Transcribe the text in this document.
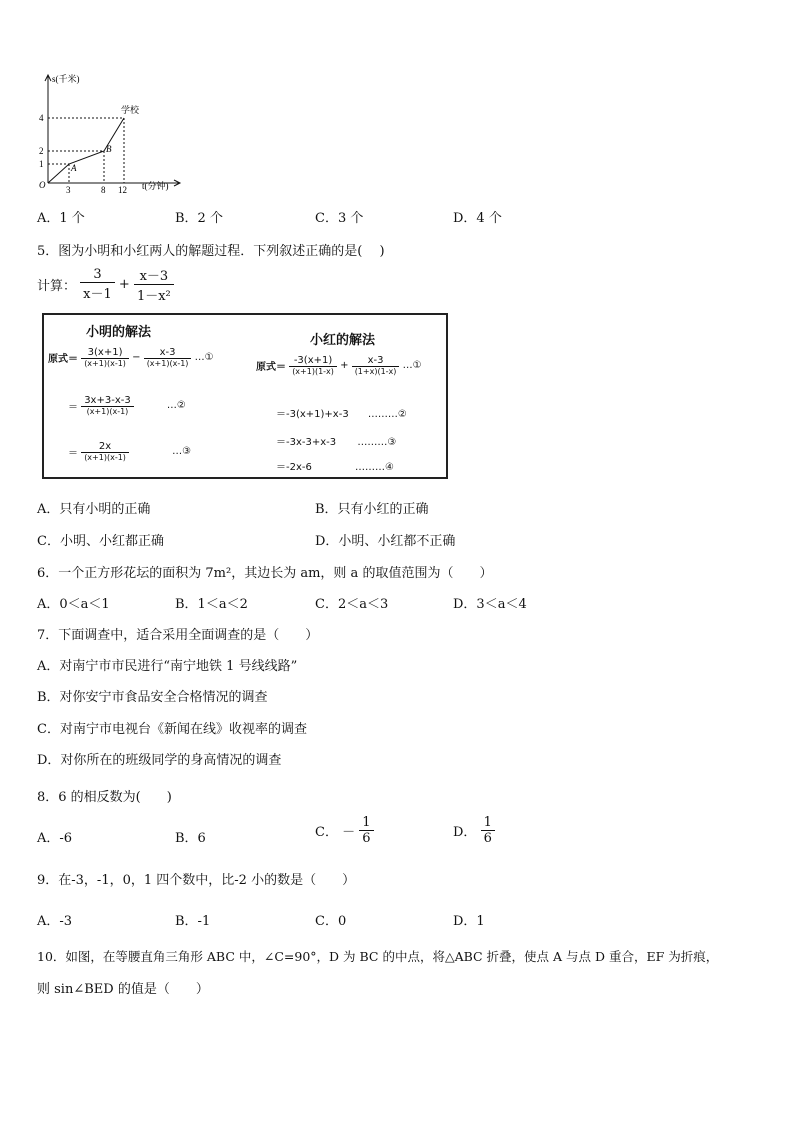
s(千米)
4
2
1
O 3	8 12 t(分钟)
A
B
学校
A．1 个	B．2 个	C．3 个	D．4 个
5．图为小明和小红两人的解题过程．下列叙述正确的是(　 )
计算： $\frac{3}{x-1} + \frac{x-3}{\text{1－x²}}$
小明的解法
原式＝ $\frac{3(x+1)}{(x+1)(x-1)} - \frac{x-3}{(x+1)(x-1)}$ …①
＝ $\frac{3x+3-x-3}{(x+1)(x-1)}$	…②
＝ $\frac{2x}{(x+1)(x-1)}$	…③
小红的解法
原式＝ $\frac{-3(x+1)}{(x+1)(1-x)} + \frac{x-3}{(1+x)(1-x)}$ …①
＝-3(x+1)+x-3 ………②
＝-3x-3+x-3 ………③
＝-2x-6	………④
A．只有小明的正确	B．只有小红的正确
C．小明、小红都正确	D．小明、小红都不正确
6．一个正方形花坛的面积为 7m²，其边长为 am，则 a 的取值范围为（　　）
A．0＜a＜1	B．1＜a＜2	C．2＜a＜3	D．3＜a＜4
7．下面调查中，适合采用全面调查的是（　　）
A．对南宁市市民进行“南宁地铁 1 号线线路”
B．对你安宁市食品安全合格情况的调查
C．对南宁市电视台《新闻在线》收视率的调查
D．对你所在的班级同学的身高情况的调查
8．6 的相反数为(　　)
A．-6	B．6	C． － $\frac{1}{6}$	D． $\frac{1}{6}$
9．在-3，-1，0，1 四个数中，比-2 小的数是（　　）
A．-3	B．-1	C．0	D．1
10．如图，在等腰直角三角形 ABC 中，∠C=90°，D 为 BC 的中点，将△ABC 折叠，使点 A 与点 D 重合，EF 为折痕，
则 sin∠BED 的值是（　　）
